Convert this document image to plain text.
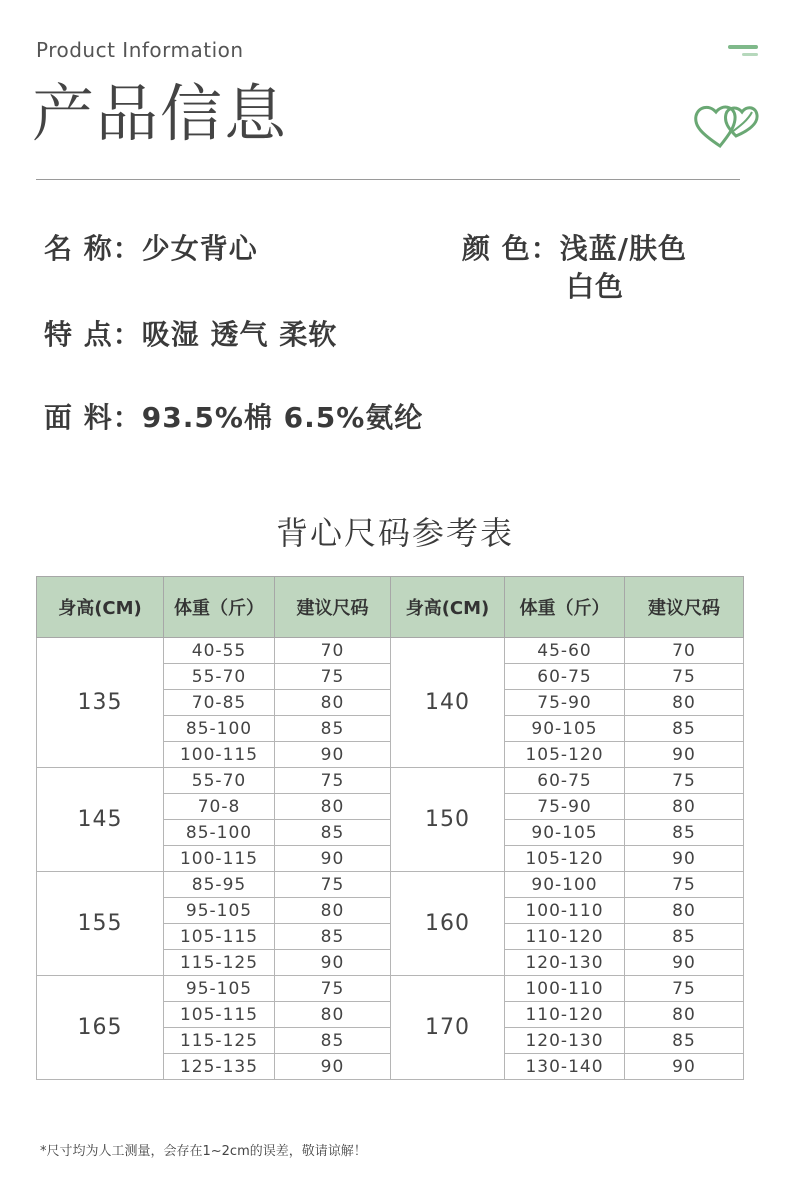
Product Information
产品信息
名 称：少女背心	颜 色：浅蓝/肤色
白色
特 点：吸湿 透气 柔软
面 料：93.5%棉 6.5%氨纶
背心尺码参考表
身高(CM)	体重（斤）	建议尺码	身高(CM)	体重（斤）	建议尺码
135	40-55	70	140	45-60	70
	55-70	75		60-75	75
	70-85	80		75-90	80
	85-100	85		90-105	85
	100-115	90		105-120	90
145	55-70	75	150	60-75	75
	70-8	80		75-90	80
	85-100	85		90-105	85
	100-115	90		105-120	90
155	85-95	75	160	90-100	75
	95-105	80		100-110	80
	105-115	85		110-120	85
	115-125	90		120-130	90
165	95-105	75	170	100-110	75
	105-115	80		110-120	80
	115-125	85		120-130	85
	125-135	90		130-140	90
*尺寸均为人工测量，会存在1~2cm的误差，敬请谅解！
